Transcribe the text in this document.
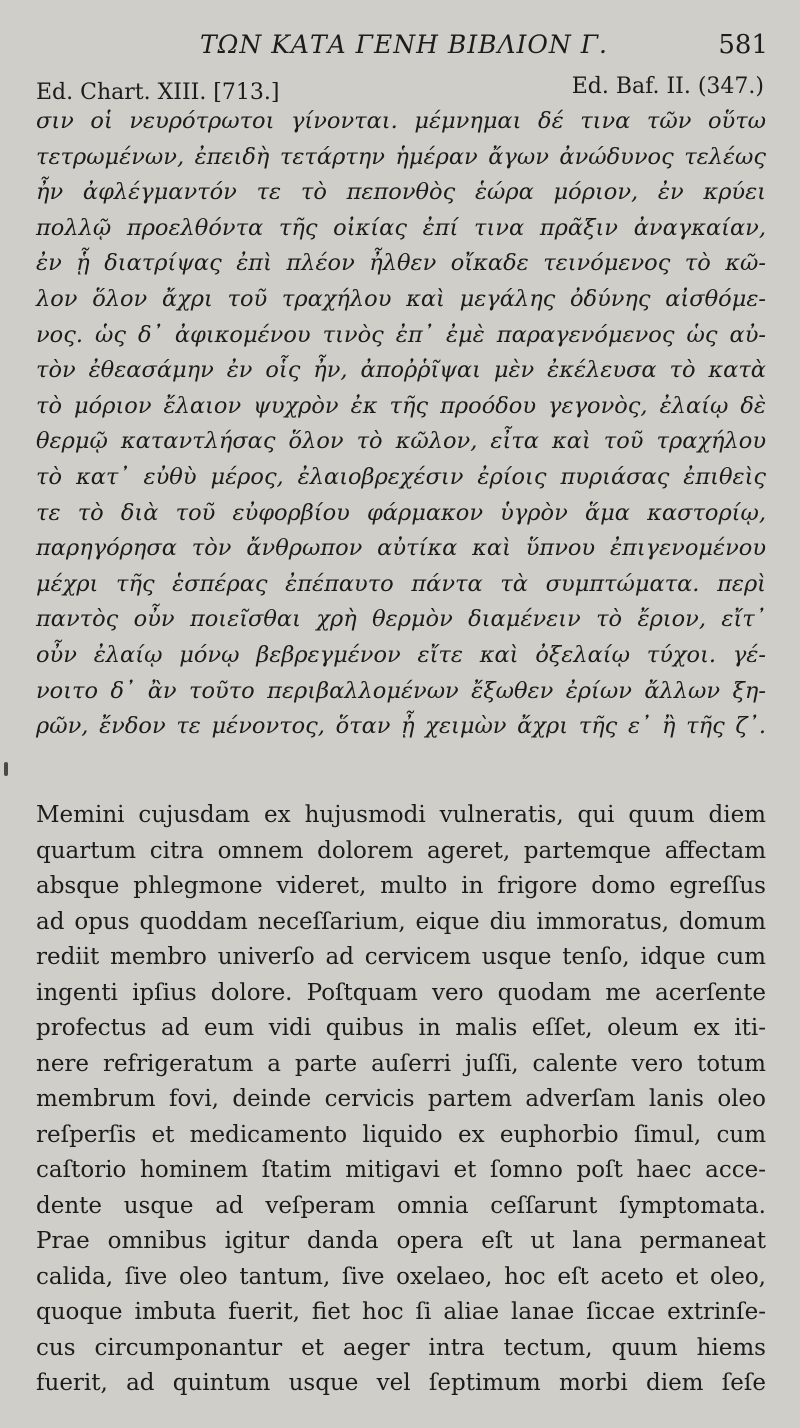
ΤΩΝ ΚΑΤΑ ΓΕΝΗ ΒΙΒΛΙΟΝ Γ.	581
Ed. Chart. XIII. [713.]	Ed. Baf. II. (347.)
σιν οἱ νευρότρωτοι γίνονται. μέμνημαι δέ τινα τῶν οὕτω
τετρωμένων, ἐπειδὴ τετάρτην ἡμέραν ἄγων ἀνώδυνος τελέως
ἦν ἀφλέγμαντόν τε τὸ πεπονθὸς ἑώρα μόριον, ἐν κρύει
πολλῷ προελθόντα τῆς οἰκίας ἐπί τινα πρᾶξιν ἀναγκαίαν,
ἐν ᾗ διατρίψας ἐπὶ πλέον ἦλθεν οἴκαδε τεινόμενος τὸ κῶ-
λον ὅλον ἄχρι τοῦ τραχήλου καὶ μεγάλης ὀδύνης αἰσθόμε-
νος. ὡς δ᾽ ἀφικομένου τινὸς ἐπ᾽ ἐμὲ παραγενόμενος ὡς αὐ-
τὸν ἐθεασάμην ἐν οἷς ἦν, ἀποῤῥῖψαι μὲν ἐκέλευσα τὸ κατὰ
τὸ μόριον ἔλαιον ψυχρὸν ἐκ τῆς προόδου γεγονὸς, ἐλαίῳ δὲ
θερμῷ καταντλήσας ὅλον τὸ κῶλον, εἶτα καὶ τοῦ τραχήλου
τὸ κατ᾽ εὐθὺ μέρος, ἐλαιοβρεχέσιν ἐρίοις πυριάσας ἐπιθεὶς
τε τὸ διὰ τοῦ εὐφορβίου φάρμακον ὑγρὸν ἅμα καστορίῳ,
παρηγόρησα τὸν ἄνθρωπον αὐτίκα καὶ ὕπνου ἐπιγενομένου
μέχρι τῆς ἑσπέρας ἐπέπαυτο πάντα τὰ συμπτώματα. περὶ
παντὸς οὖν ποιεῖσθαι χρὴ θερμὸν διαμένειν τὸ ἔριον, εἴτ᾽
οὖν ἐλαίῳ μόνῳ βεβρεγμένον εἴτε καὶ ὀξελαίῳ τύχοι. γέ-
νοιτο δ᾽ ἂν τοῦτο περιβαλλομένων ἔξωθεν ἐρίων ἄλλων ξη-
ρῶν, ἔνδον τε μένοντος, ὅταν ᾖ χειμὼν ἄχρι τῆς ε᾽ ἢ τῆς ζ᾽.
Memini cujusdam ex hujusmodi vulneratis, qui quum diem
quartum citra omnem dolorem ageret, partemque affectam
absque phlegmone videret, multo in frigore domo egreſſus
ad opus quoddam neceſſarium, eique diu immoratus, domum
rediit membro univerſo ad cervicem usque tenſo, idque cum
ingenti ipſius dolore. Poſtquam vero quodam me acerſente
profectus ad eum vidi quibus in malis eſſet, oleum ex iti-
nere refrigeratum a parte auſerri juſſi, calente vero totum
membrum fovi, deinde cervicis partem adverſam lanis oleo
reſperſis et medicamento liquido ex euphorbio ſimul, cum
caſtorio hominem ſtatim mitigavi et ſomno poſt haec acce-
dente usque ad veſperam omnia ceſſarunt ſymptomata.
Prae omnibus igitur danda opera eſt ut lana permaneat
calida, ſive oleo tantum, ſive oxelaeo, hoc eſt aceto et oleo,
quoque imbuta fuerit, fiet hoc ſi aliae lanae ſiccae extrinſe-
cus circumponantur et aeger intra tectum, quum hiems
fuerit, ad quintum usque vel ſeptimum morbi diem ſeſe
